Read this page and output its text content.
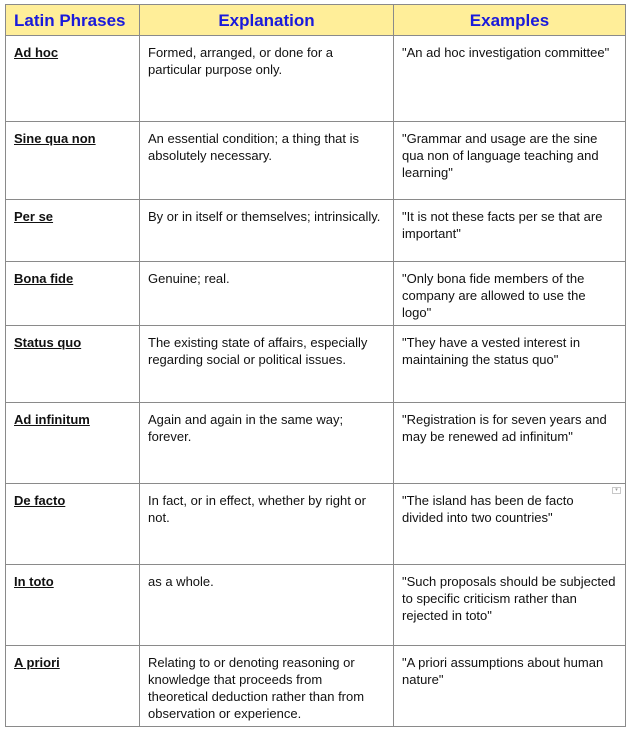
Latin Phrases	Explanation	Examples
Ad hoc	Formed, arranged, or done for a particular purpose only.	"An ad hoc investigation committee"
Sine qua non	An essential condition; a thing that is absolutely necessary.	"Grammar and usage are the sine qua non of language teaching and learning"
Per se	By or in itself or themselves; intrinsically.	"It is not these facts per se that are important"
Bona fide	Genuine; real.	"Only bona fide members of the company are allowed to use the logo"
Status quo	The existing state of affairs, especially regarding social or political issues.	"They have a vested interest in maintaining the status quo"
Ad infinitum	Again and again in the same way; forever.	"Registration is for seven years and may be renewed ad infinitum"
De facto	In fact, or in effect, whether by right or not.	"The island has been de facto divided into two countries"
▾

In toto	as a whole.	"Such proposals should be subjected to specific criticism rather than rejected in toto"
A priori	Relating to or denoting reasoning or knowledge that proceeds from theoretical deduction rather than from observation or experience.	"A priori assumptions about human nature"
